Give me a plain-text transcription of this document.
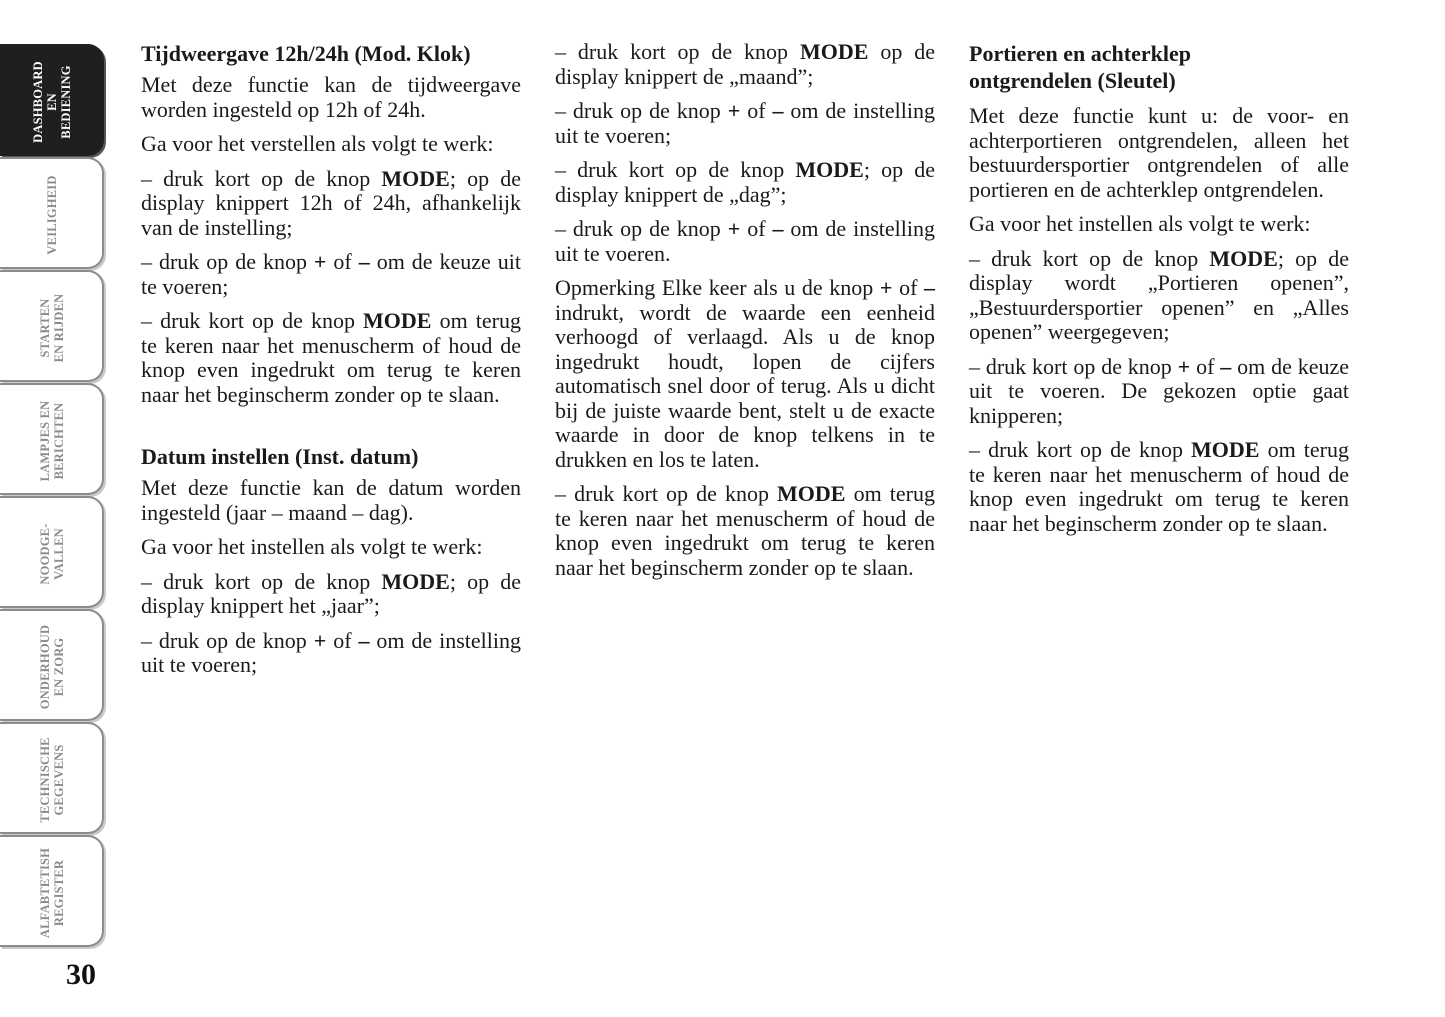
DASHBOARD EN BEDIENING
VEILIGHEID
STARTEN EN RIJDEN
LAMPJES EN BERICHTEN
NOODGE- VALLEN
ONDERHOUD EN ZORG
TECHNISCHE GEGEVENS
ALFABTETISH REGISTER
30
Tijdweergave 12h/24h (Mod. Klok)

Met deze functie kan de tijdweergave worden ingesteld op 12h of 24h.

Ga voor het verstellen als volgt te werk:

– druk kort op de knop MODE; op de display knippert 12h of 24h, afhankelijk van de instelling;

– druk op de knop + of – om de keuze uit te voeren;

– druk kort op de knop MODE om terug te keren naar het menuscherm of houd de knop even ingedrukt om terug te keren naar het beginscherm zonder op te slaan.

Datum instellen (Inst. datum)

Met deze functie kan de datum worden ingesteld (jaar – maand – dag).

Ga voor het instellen als volgt te werk:

– druk kort op de knop MODE; op de display knippert het „jaar”;

– druk op de knop + of – om de instelling uit te voeren;

– druk kort op de knop MODE op de display knippert de „maand”;

– druk op de knop + of – om de instelling uit te voeren;

– druk kort op de knop MODE; op de display knippert de „dag”;

– druk op de knop + of – om de instelling uit te voeren.

Opmerking Elke keer als u de knop + of – indrukt, wordt de waarde een eenheid verhoogd of verlaagd. Als u de knop ingedrukt houdt, lopen de cijfers automatisch snel door of terug. Als u dicht bij de juiste waarde bent, stelt u de exacte waarde in door de knop telkens in te drukken en los te laten.

– druk kort op de knop MODE om terug te keren naar het menuscherm of houd de knop even ingedrukt om terug te keren naar het beginscherm zonder op te slaan.

Portieren en achterklep
ontgrendelen (Sleutel)

Met deze functie kunt u: de voor- en achterportieren ontgrendelen, alleen het bestuurdersportier ontgrendelen of alle portieren en de achterklep ontgrendelen.

Ga voor het instellen als volgt te werk:

– druk kort op de knop MODE; op de display wordt „Portieren openen”, „Bestuurdersportier openen” en „Alles openen” weergegeven;

– druk kort op de knop + of – om de keuze uit te voeren. De gekozen optie gaat knipperen;

– druk kort op de knop MODE om terug te keren naar het menuscherm of houd de knop even ingedrukt om terug te keren naar het beginscherm zonder op te slaan.
